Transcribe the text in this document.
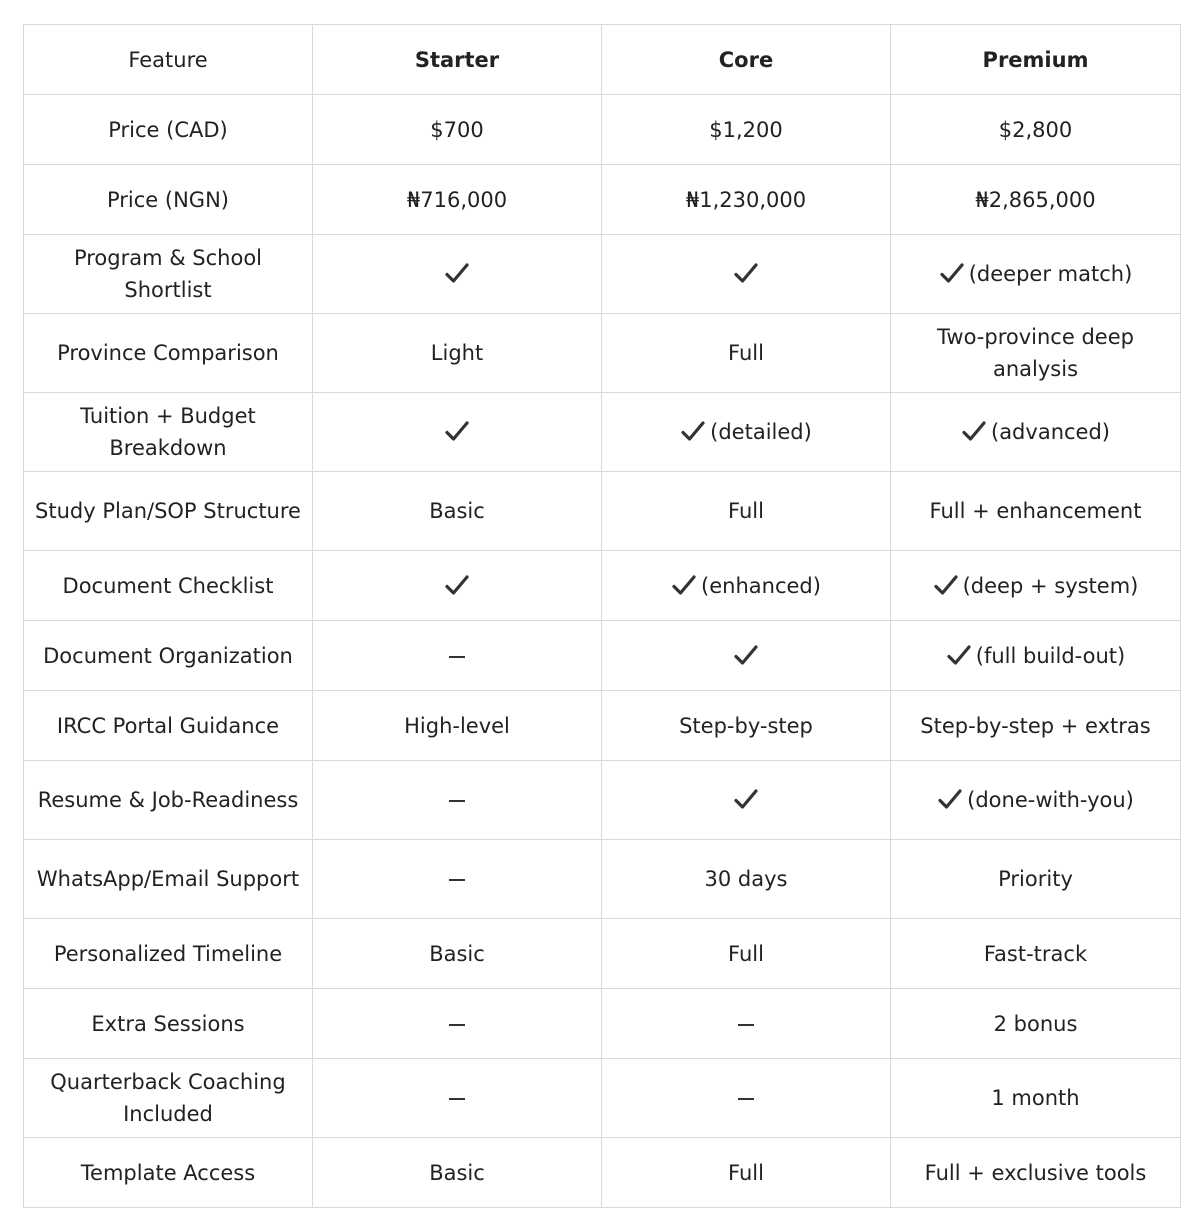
Feature	Starter	Core	Premium
Price (CAD)	$700	$1,200	$2,800
Price (NGN)	₦716,000	₦1,230,000	₦2,865,000
Program & School Shortlist			(deeper match)
Province Comparison	Light	Full	Two-province deep analysis
Tuition + Budget Breakdown		(detailed)	(advanced)
Study Plan/SOP Structure	Basic	Full	Full + enhancement
Document Checklist		(enhanced)	(deep + system)
Document Organization			(full build-out)
IRCC Portal Guidance	High-level	Step-by-step	Step-by-step + extras
Resume & Job-Readiness			(done-with-you)
WhatsApp/Email Support		30 days	Priority
Personalized Timeline	Basic	Full	Fast-track
Extra Sessions			2 bonus
Quarterback Coaching Included			1 month
Template Access	Basic	Full	Full + exclusive tools
